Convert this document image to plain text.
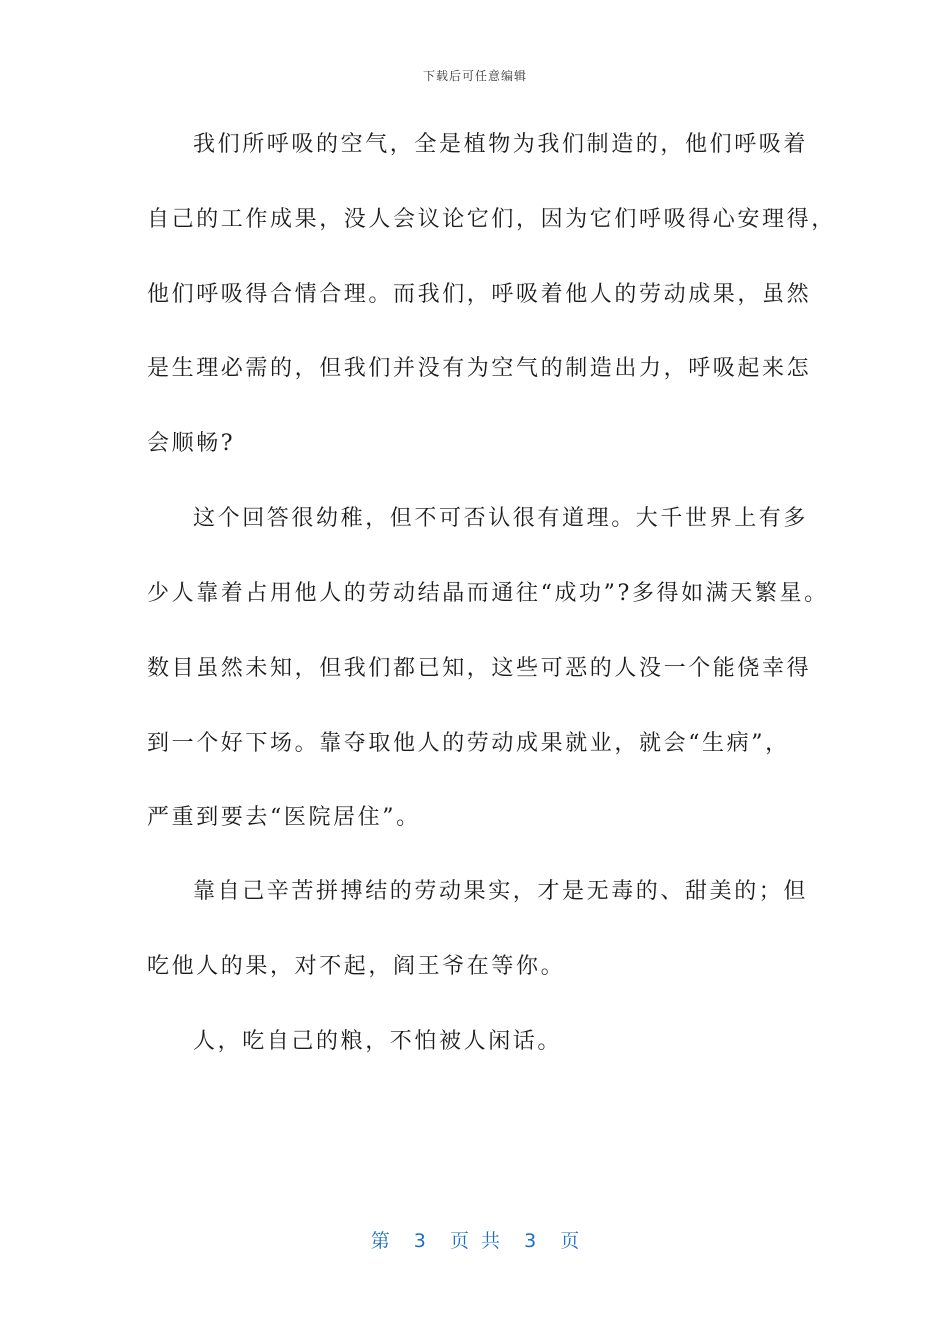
下载后可任意编辑
我们所呼吸的空气，全是植物为我们制造的，他们呼吸着
自己的工作成果，没人会议论它们，因为它们呼吸得心安理得，
他们呼吸得合情合理。而我们，呼吸着他人的劳动成果，虽然
是生理必需的，但我们并没有为空气的制造出力，呼吸起来怎
会顺畅?
这个回答很幼稚，但不可否认很有道理。大千世界上有多
少人靠着占用他人的劳动结晶而通往“成功”?多得如满天繁星。
数目虽然未知，但我们都已知，这些可恶的人没一个能侥幸得
到一个好下场。靠夺取他人的劳动成果就业，就会“生病”，
严重到要去“医院居住”。
靠自己辛苦拼搏结的劳动果实，才是无毒的、甜美的；但
吃他人的果，对不起，阎王爷在等你。
人，吃自己的粮，不怕被人闲话。
第  3  页 共  3  页
